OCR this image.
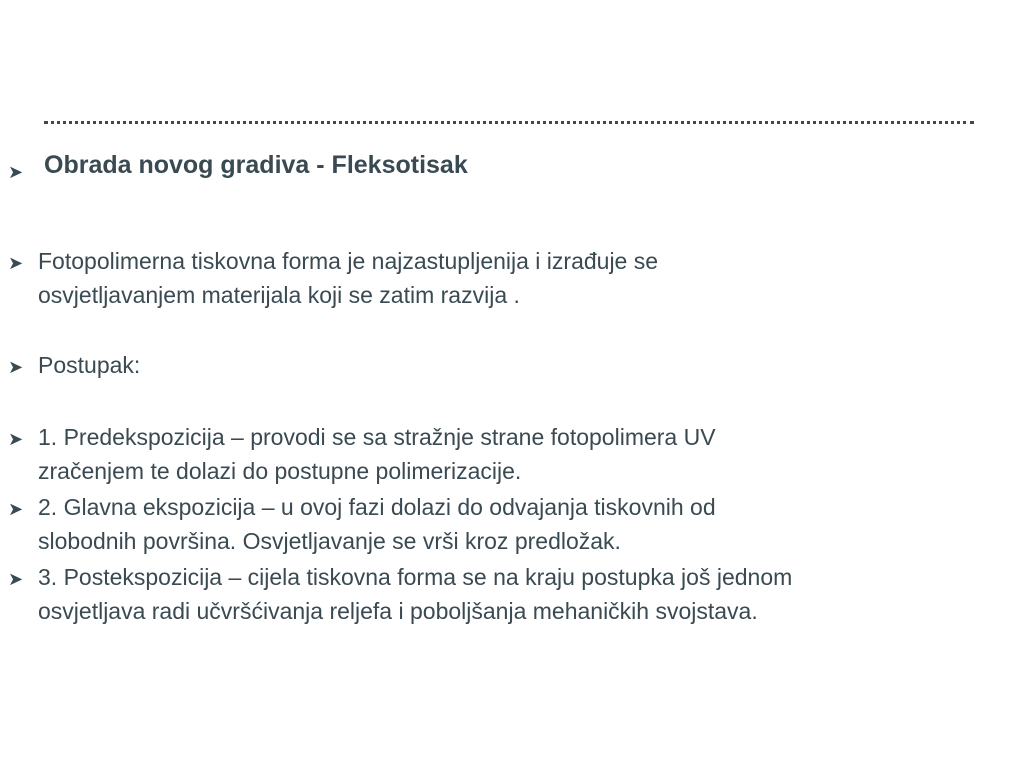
➤ Obrada novog gradiva - Fleksotisak
➤ Fotopolimerna tiskovna forma je najzastupljenija i izrađuje se
osvjetljavanjem materijala koji se zatim razvija .
➤ Postupak:
➤ 1. Predekspozicija – provodi se sa stražnje strane fotopolimera UV
zračenjem te dolazi do postupne polimerizacije.
➤ 2. Glavna ekspozicija – u ovoj fazi dolazi do odvajanja tiskovnih od
slobodnih površina. Osvjetljavanje se vrši kroz predložak.
➤ 3. Postekspozicija – cijela tiskovna forma se na kraju postupka još jednom
osvjetljava radi učvršćivanja reljefa i poboljšanja mehaničkih svojstava.
